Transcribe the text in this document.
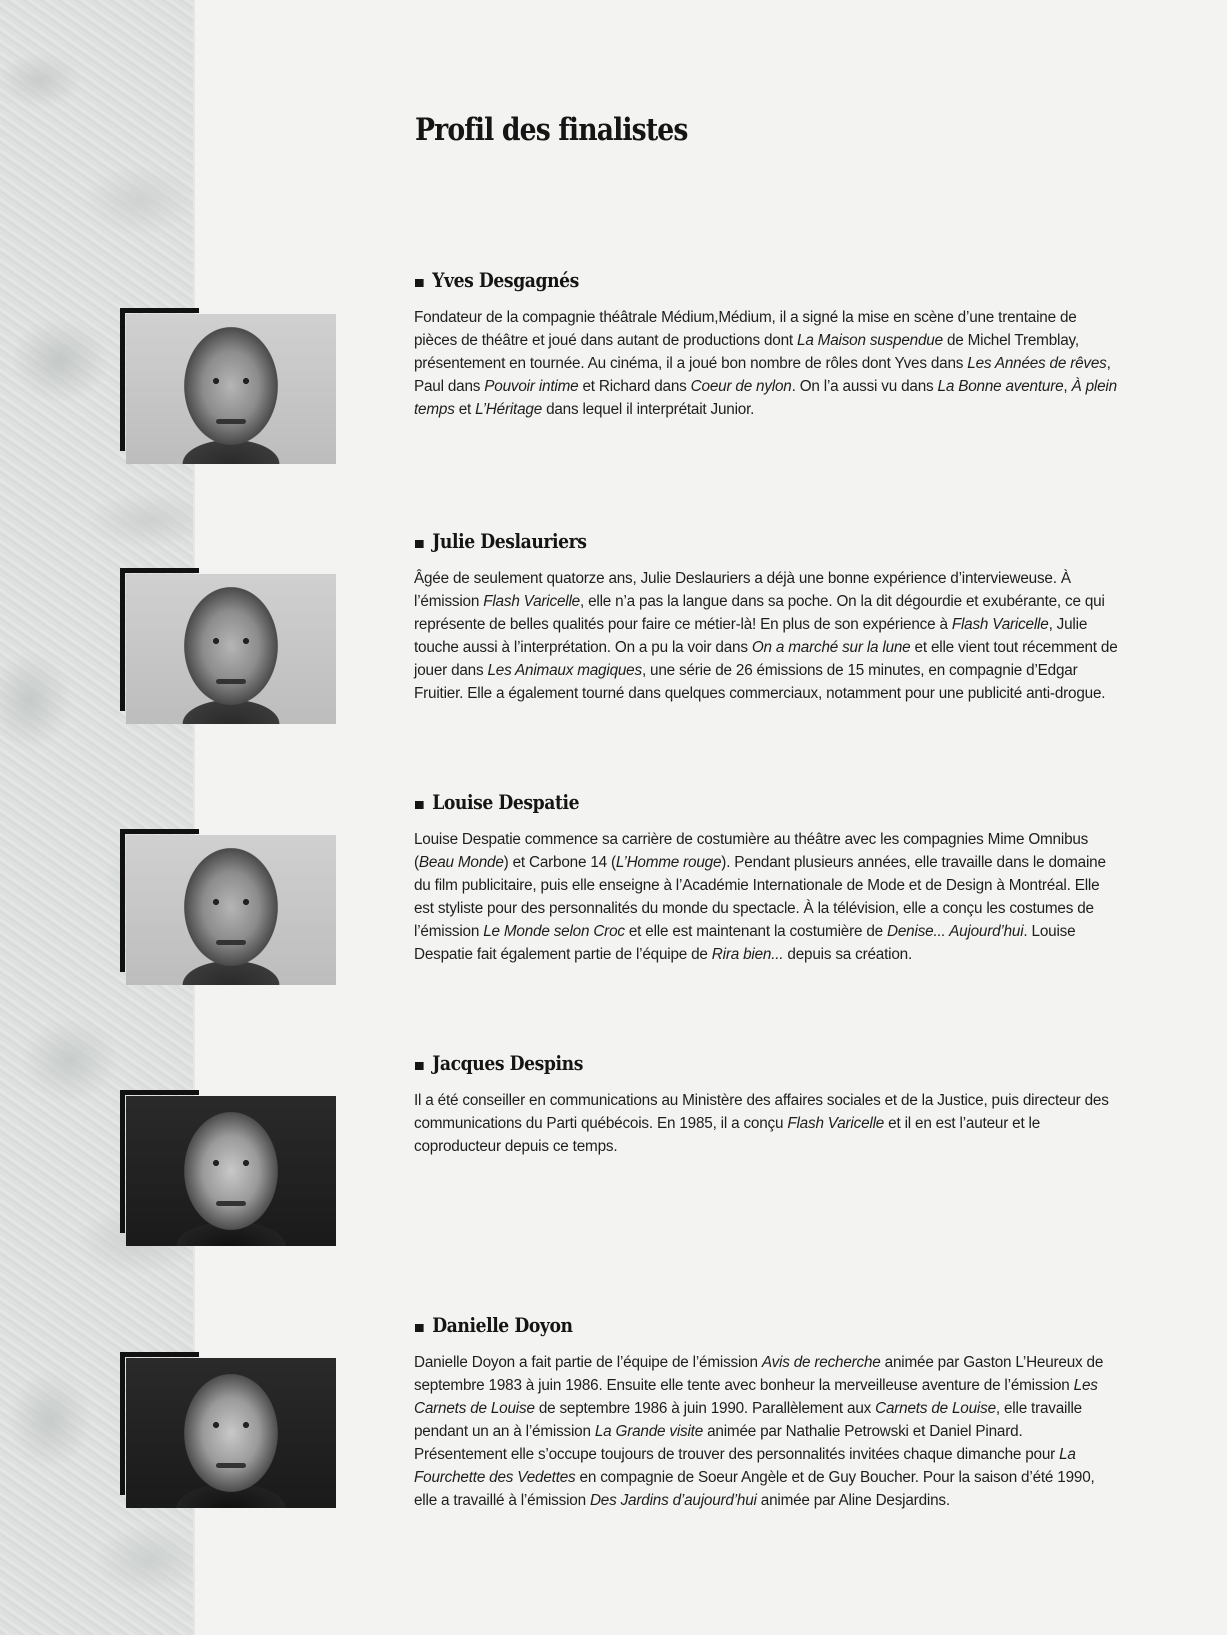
Profil des finalistes
Yves Desgagnés

Fondateur de la compagnie théâtrale Médium,Médium, il a signé la mise en scène d’une trentaine de pièces de théâtre et joué dans autant de productions dont La Maison suspendue de Michel Tremblay, présentement en tournée. Au cinéma, il a joué bon nombre de rôles dont Yves dans Les Années de rêves, Paul dans Pouvoir intime et Richard dans Coeur de nylon. On l’a aussi vu dans La Bonne aventure, À plein temps et L’Héritage dans lequel il interprétait Junior.

Julie Deslauriers

Âgée de seulement quatorze ans, Julie Deslauriers a déjà une bonne expérience d’intervieweuse. À l’émission Flash Varicelle, elle n’a pas la langue dans sa poche. On la dit dégourdie et exubérante, ce qui représente de belles qualités pour faire ce métier-là! En plus de son expérience à Flash Varicelle, Julie touche aussi à l’interprétation. On a pu la voir dans On a marché sur la lune et elle vient tout récemment de jouer dans Les Animaux magiques, une série de 26 émissions de 15 minutes, en compagnie d’Edgar Fruitier. Elle a également tourné dans quelques commerciaux, notamment pour une publicité anti-drogue.

Louise Despatie

Louise Despatie commence sa carrière de costumière au théâtre avec les compagnies Mime Omnibus (Beau Monde) et Carbone 14 (L’Homme rouge). Pendant plusieurs années, elle travaille dans le domaine du film publicitaire, puis elle enseigne à l’Académie Internationale de Mode et de Design à Montréal. Elle est styliste pour des personnalités du monde du spectacle. À la télévision, elle a conçu les costumes de l’émission Le Monde selon Croc et elle est maintenant la costumière de Denise... Aujourd’hui. Louise Despatie fait également partie de l’équipe de Rira bien... depuis sa création.

Jacques Despins

Il a été conseiller en communications au Ministère des affaires sociales et de la Justice, puis directeur des communications du Parti québécois. En 1985, il a conçu Flash Varicelle et il en est l’auteur et le coproducteur depuis ce temps.

Danielle Doyon

Danielle Doyon a fait partie de l’équipe de l’émission Avis de recherche animée par Gaston L’Heureux de septembre 1983 à juin 1986. Ensuite elle tente avec bonheur la merveilleuse aventure de l’émission Les Carnets de Louise de septembre 1986 à juin 1990. Parallèlement aux Carnets de Louise, elle travaille pendant un an à l’émission La Grande visite animée par Nathalie Petrowski et Daniel Pinard. Présentement elle s’occupe toujours de trouver des personnalités invitées chaque dimanche pour La Fourchette des Vedettes en compagnie de Soeur Angèle et de Guy Boucher. Pour la saison d’été 1990, elle a travaillé à l’émission Des Jardins d’aujourd’hui animée par Aline Desjardins.
